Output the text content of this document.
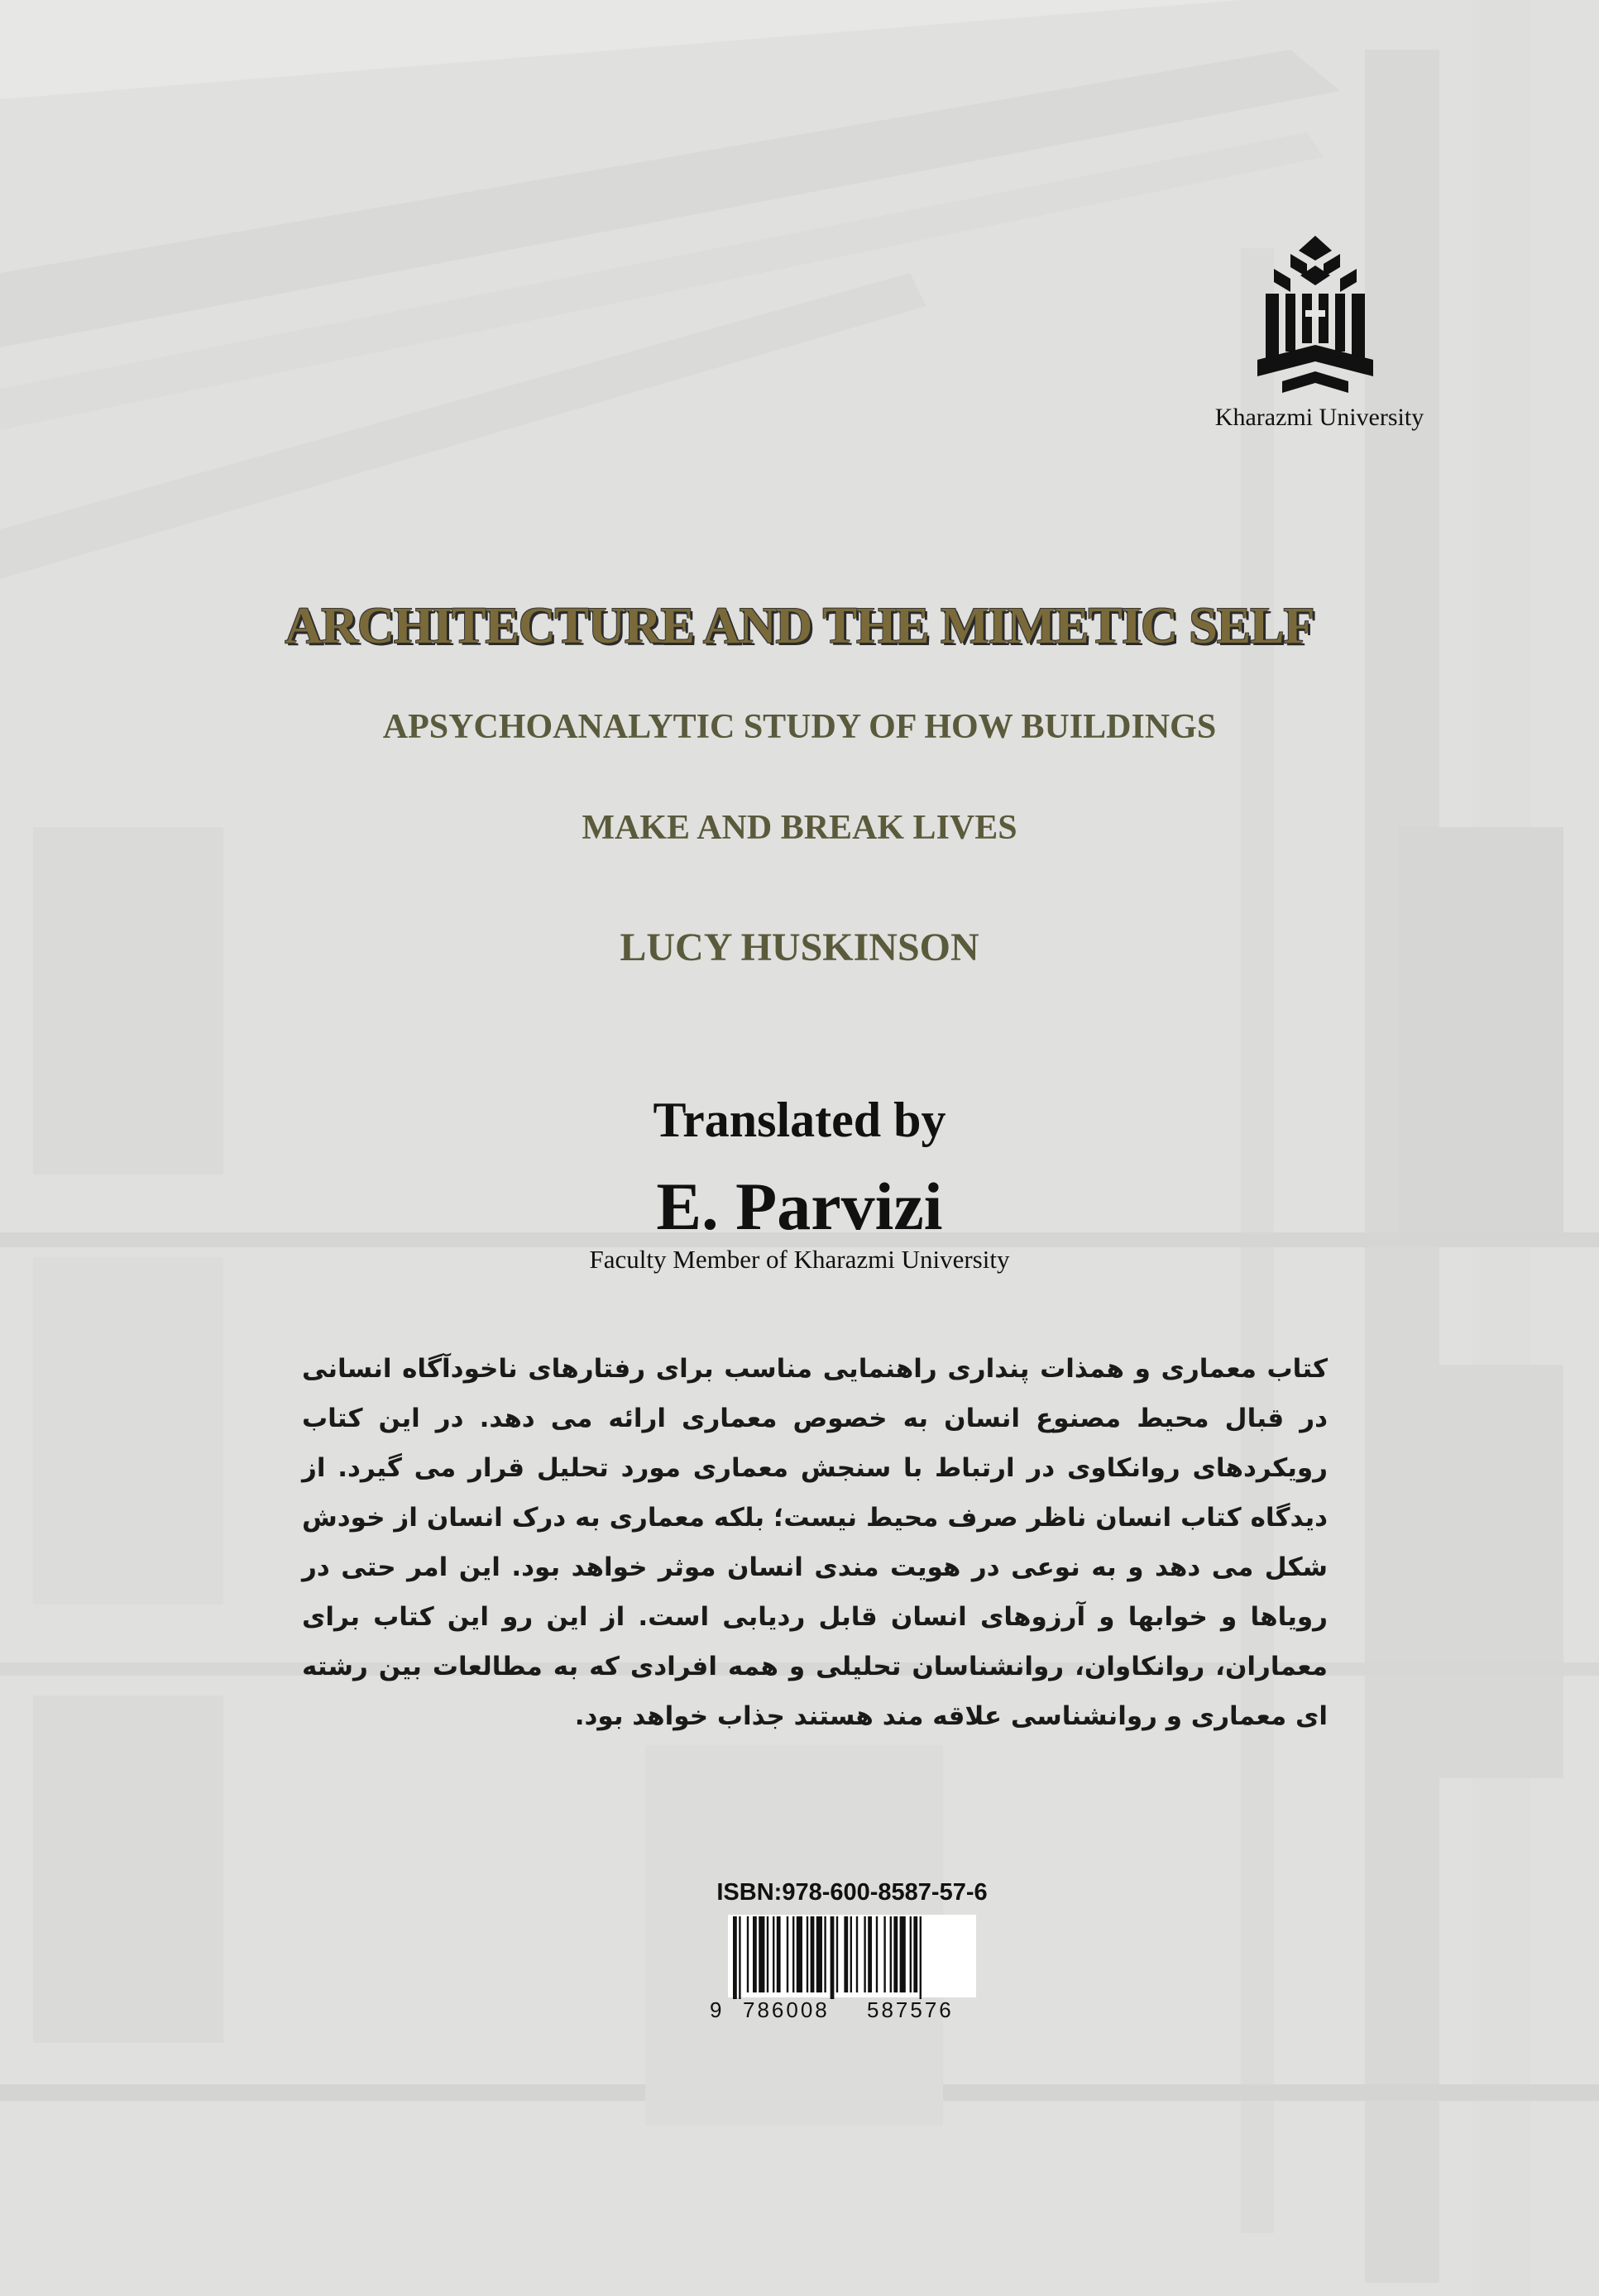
Kharazmi University
ARCHITECTURE AND THE MIMETIC SELF
APSYCHOANALYTIC STUDY OF HOW BUILDINGS
MAKE AND BREAK LIVES
LUCY HUSKINSON
Translated by
E. Parvizi
Faculty Member of Kharazmi University
کتاب معماری و همذات پنداری راهنمایی مناسب برای رفتارهای ناخودآگاه انسانی در قبال محیط مصنوع انسان به خصوص معماری ارائه می دهد. در این کتاب رویکردهای روانکاوی در ارتباط با سنجش معماری مورد تحلیل قرار می گیرد. از دیدگاه کتاب انسان ناظر صرف محیط نیست؛ بلکه معماری به درک انسان از خودش شکل می دهد و به نوعی در هویت مندی انسان موثر خواهد بود. این امر حتی در رویاها و خوابها و آرزوهای انسان قابل ردیابی است. از این رو این کتاب برای معماران، روانکاوان، روانشناسان تحلیلی و همه افرادی که به مطالعات بین رشته ای معماری و روانشناسی علاقه مند هستند جذاب خواهد بود.
ISBN:978-600-8587-57-6
9 786008 587576
